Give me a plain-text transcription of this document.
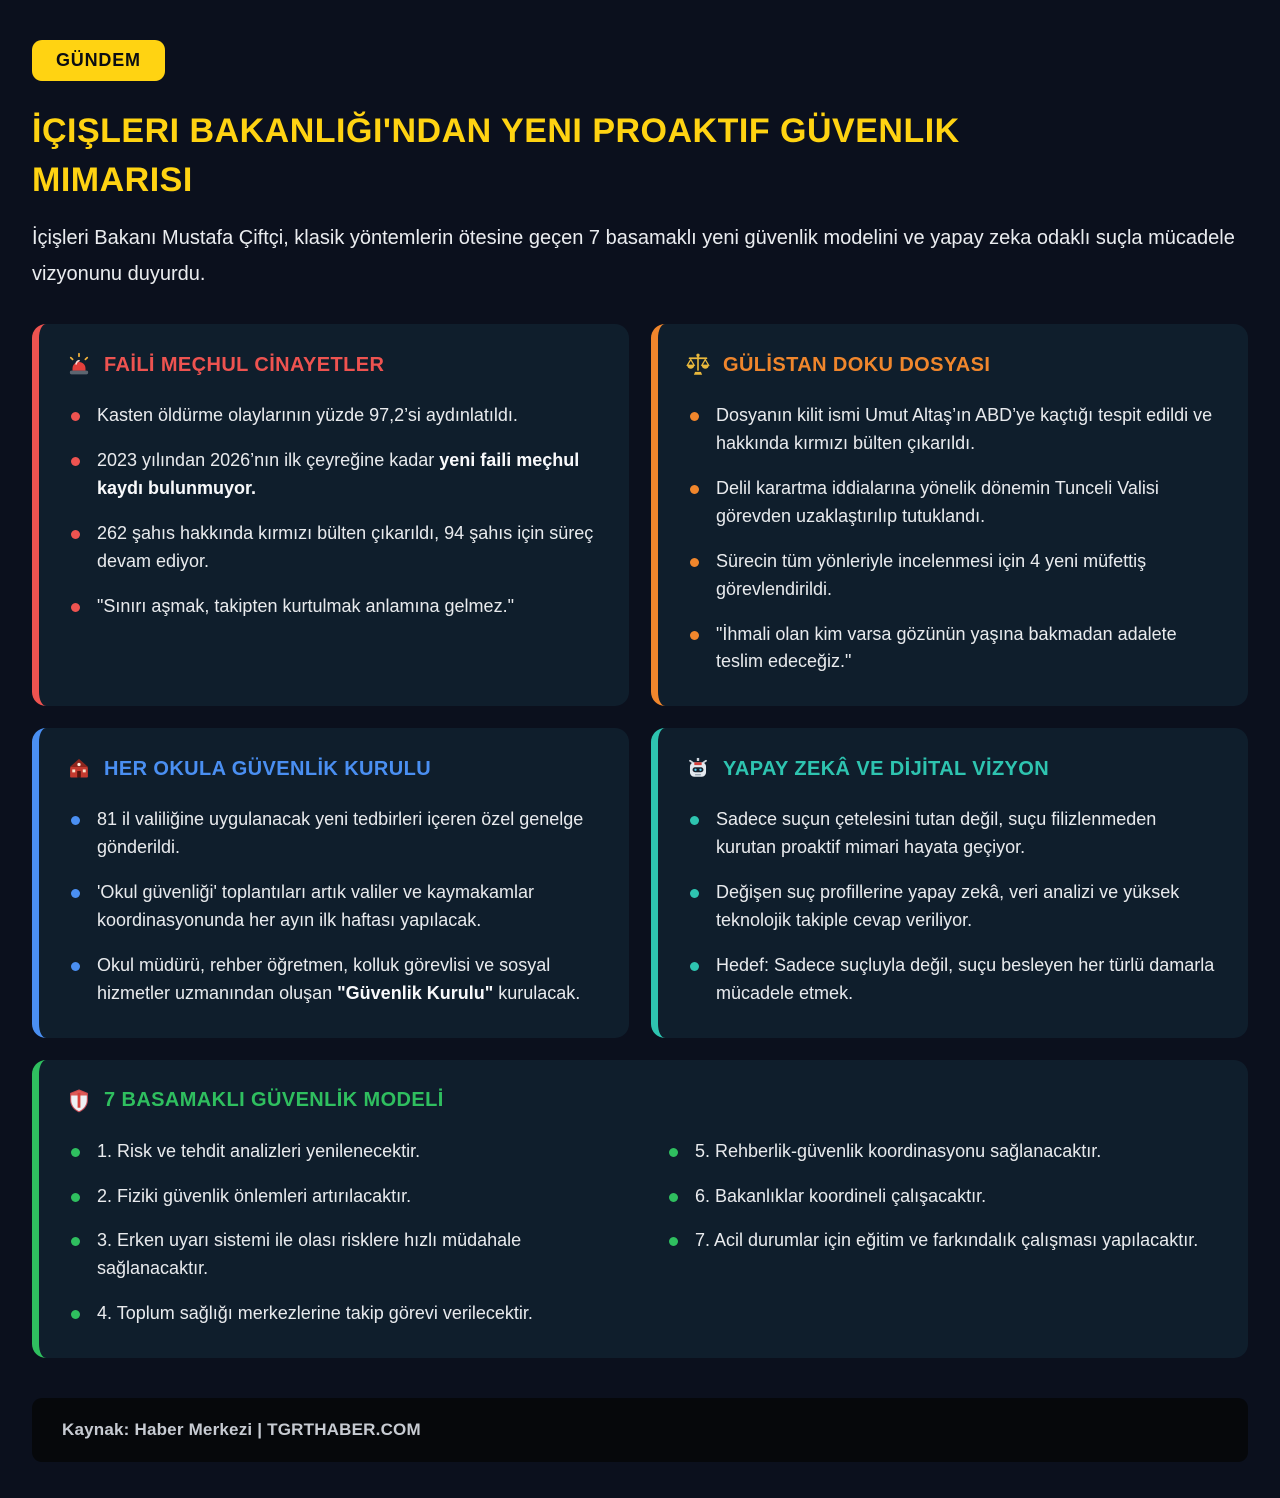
GÜNDEM
İÇIŞLERI BAKANLIĞI'NDAN YENI PROAKTIF GÜVENLIK MIMARISI

İçişleri Bakanı Mustafa Çiftçi, klasik yöntemlerin ötesine geçen 7 basamaklı yeni güvenlik modelini ve yapay zeka odaklı suçla mücadele vizyonunu duyurdu.

FAİLİ MEÇHUL CİNAYETLER

Kasten öldürme olaylarının yüzde 97,2’si aydınlatıldı.

2023 yılından 2026’nın ilk çeyreğine kadar yeni faili meçhul kaydı bulunmuyor.

262 şahıs hakkında kırmızı bülten çıkarıldı, 94 şahıs için süreç devam ediyor.

"Sınırı aşmak, takipten kurtulmak anlamına gelmez."

GÜLİSTAN DOKU DOSYASI

Dosyanın kilit ismi Umut Altaş’ın ABD’ye kaçtığı tespit edildi ve hakkında kırmızı bülten çıkarıldı.

Delil karartma iddialarına yönelik dönemin Tunceli Valisi görevden uzaklaştırılıp tutuklandı.

Sürecin tüm yönleriyle incelenmesi için 4 yeni müfettiş görevlendirildi.

"İhmali olan kim varsa gözünün yaşına bakmadan adalete teslim edeceğiz."

HER OKULA GÜVENLİK KURULU

81 il valiliğine uygulanacak yeni tedbirleri içeren özel genelge gönderildi.

'Okul güvenliği' toplantıları artık valiler ve kaymakamlar koordinasyonunda her ayın ilk haftası yapılacak.

Okul müdürü, rehber öğretmen, kolluk görevlisi ve sosyal hizmetler uzmanından oluşan "Güvenlik Kurulu" kurulacak.

YAPAY ZEKÂ VE DİJİTAL VİZYON

Sadece suçun çetelesini tutan değil, suçu filizlenmeden kurutan proaktif mimari hayata geçiyor.

Değişen suç profillerine yapay zekâ, veri analizi ve yüksek teknolojik takiple cevap veriliyor.

Hedef: Sadece suçluyla değil, suçu besleyen her türlü damarla mücadele etmek.

7 BASAMAKLI GÜVENLİK MODELİ

1. Risk ve tehdit analizleri yenilenecektir.

2. Fiziki güvenlik önlemleri artırılacaktır.

3. Erken uyarı sistemi ile olası risklere hızlı müdahale sağlanacaktır.

4. Toplum sağlığı merkezlerine takip görevi verilecektir.

5. Rehberlik-güvenlik koordinasyonu sağlanacaktır.

6. Bakanlıklar koordineli çalışacaktır.

7. Acil durumlar için eğitim ve farkındalık çalışması yapılacaktır.

Kaynak: Haber Merkezi | TGRTHABER.COM
